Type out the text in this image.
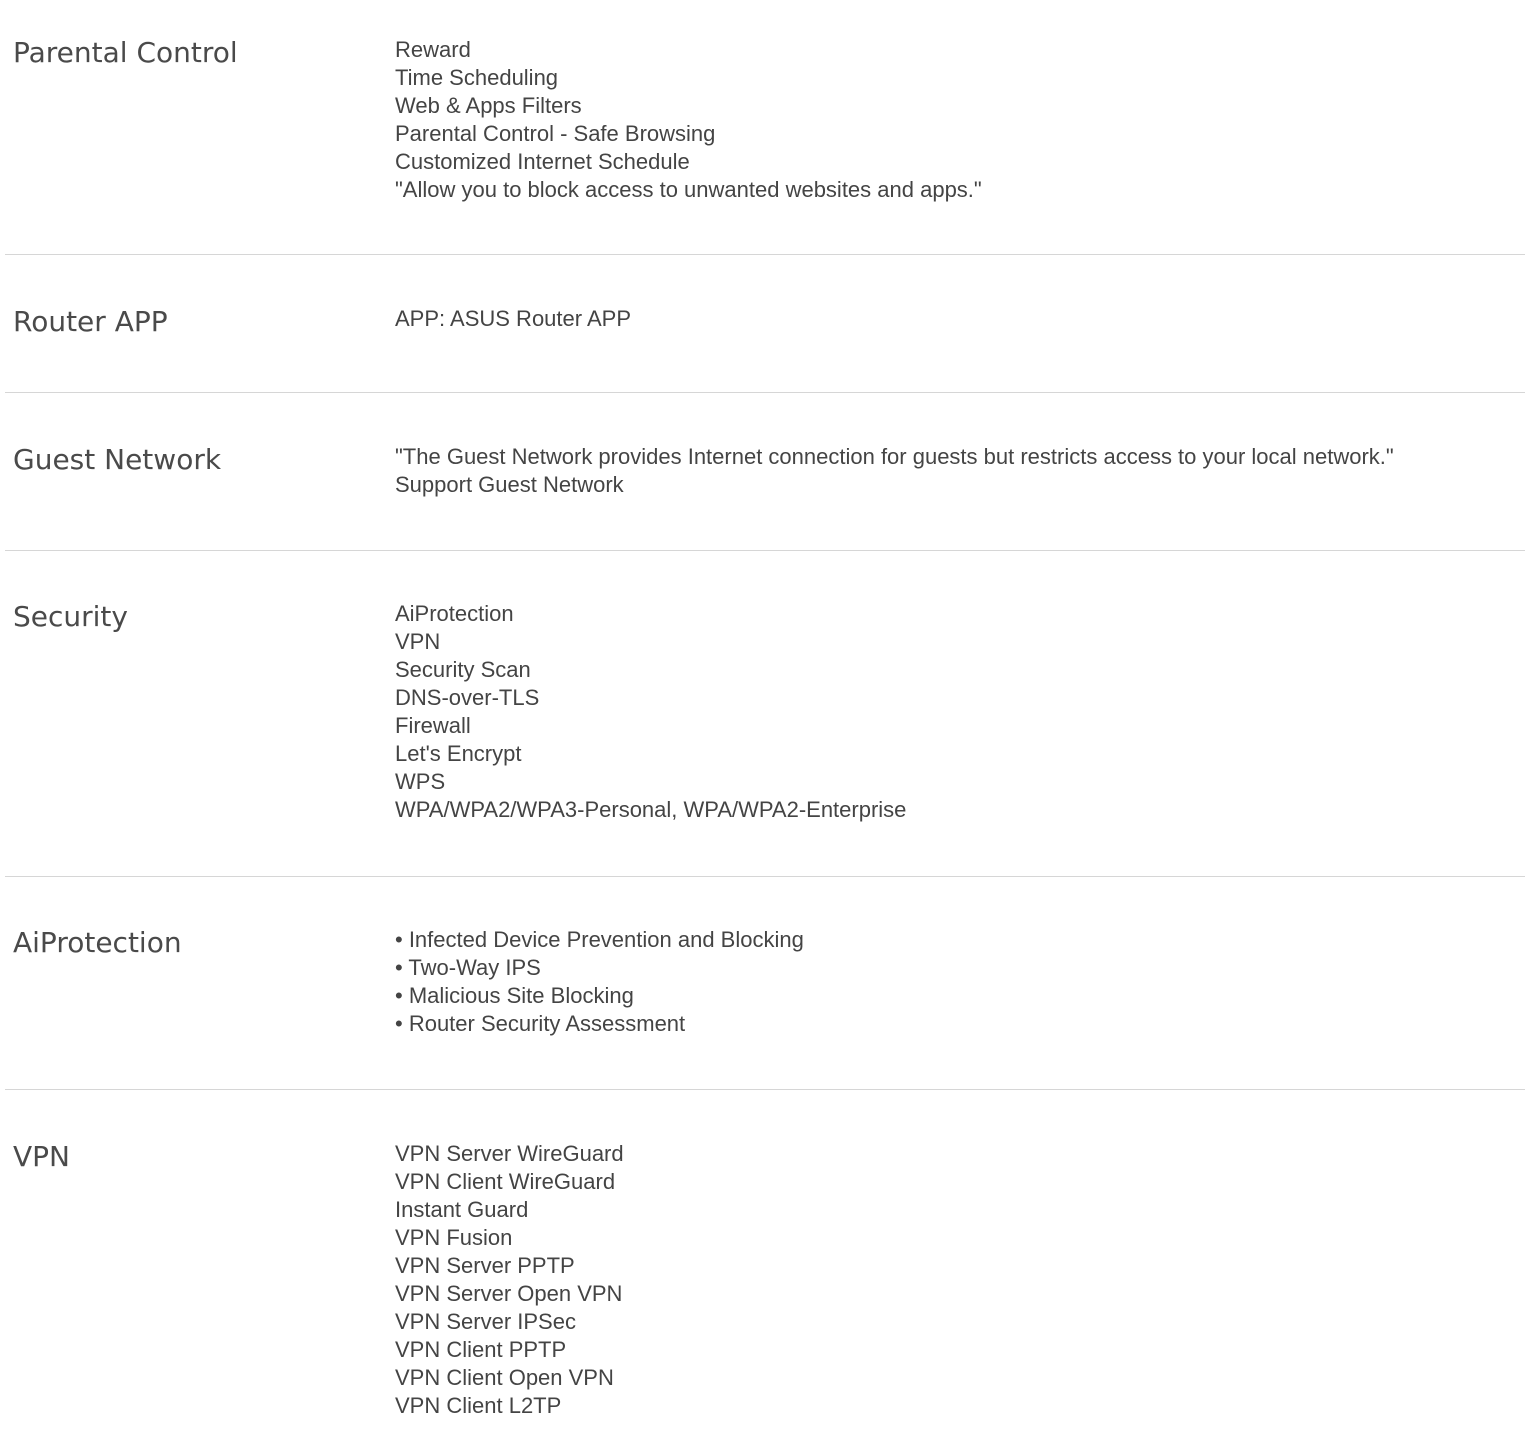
Parental Control	Reward
Time Scheduling
Web & Apps Filters
Parental Control - Safe Browsing
Customized Internet Schedule
"Allow you to block access to unwanted websites and apps."
Router APP	APP: ASUS Router APP
Guest Network	"The Guest Network provides Internet connection for guests but restricts access to your local network."
Support Guest Network
Security	AiProtection
VPN
Security Scan
DNS-over-TLS
Firewall
Let's Encrypt
WPS
WPA/WPA2/WPA3-Personal, WPA/WPA2-Enterprise
AiProtection	• Infected Device Prevention and Blocking
• Two-Way IPS
• Malicious Site Blocking
• Router Security Assessment
VPN	VPN Server WireGuard
VPN Client WireGuard
Instant Guard
VPN Fusion
VPN Server PPTP
VPN Server Open VPN
VPN Server IPSec
VPN Client PPTP
VPN Client Open VPN
VPN Client L2TP
